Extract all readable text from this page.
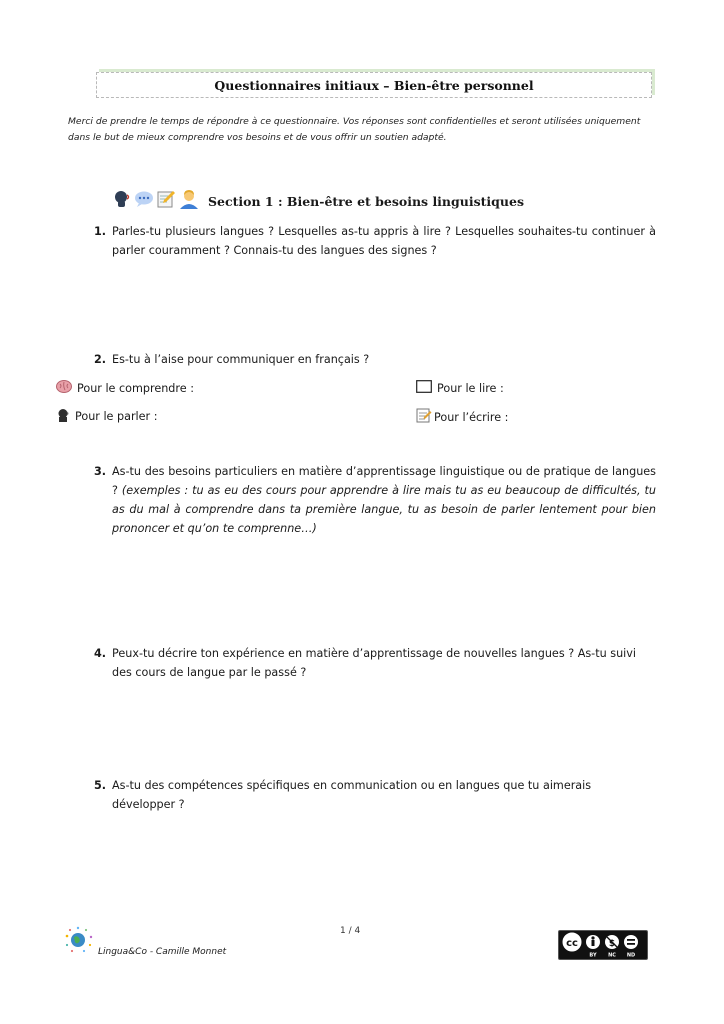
Questionnaires initiaux – Bien-être personnel

Merci de prendre le temps de répondre à ce questionnaire. Vos réponses sont confidentielles et seront utilisées uniquement dans le but de mieux comprendre vos besoins et de vous offrir un soutien adapté.

Section 1 : Bien-être et besoins linguistiques
1. Parles-tu plusieurs langues ? Lesquelles as-tu appris à lire ? Lesquelles souhaites-tu continuer à parler couramment ? Connais-tu des langues des signes ?
2. Es-tu à l’aise pour communiquer en français ?
Pour le comprendre :	Pour le lire :
Pour le parler :	Pour l’écrire :
3. As-tu des besoins particuliers en matière d’apprentissage linguistique ou de pratique de langues ? (exemples : tu as eu des cours pour apprendre à lire mais tu as eu beaucoup de difficultés, tu as du mal à comprendre dans ta première langue, tu as besoin de parler lentement pour bien prononcer et qu’on te comprenne…)
4. Peux-tu décrire ton expérience en matière d’apprentissage de nouvelles langues ? As-tu suivi des cours de langue par le passé ?
5. As-tu des compétences spécifiques en communication ou en langues que tu aimerais développer ?
Lingua&Co - Camille Monnet
1 / 4
cc	$
BY NC ND
